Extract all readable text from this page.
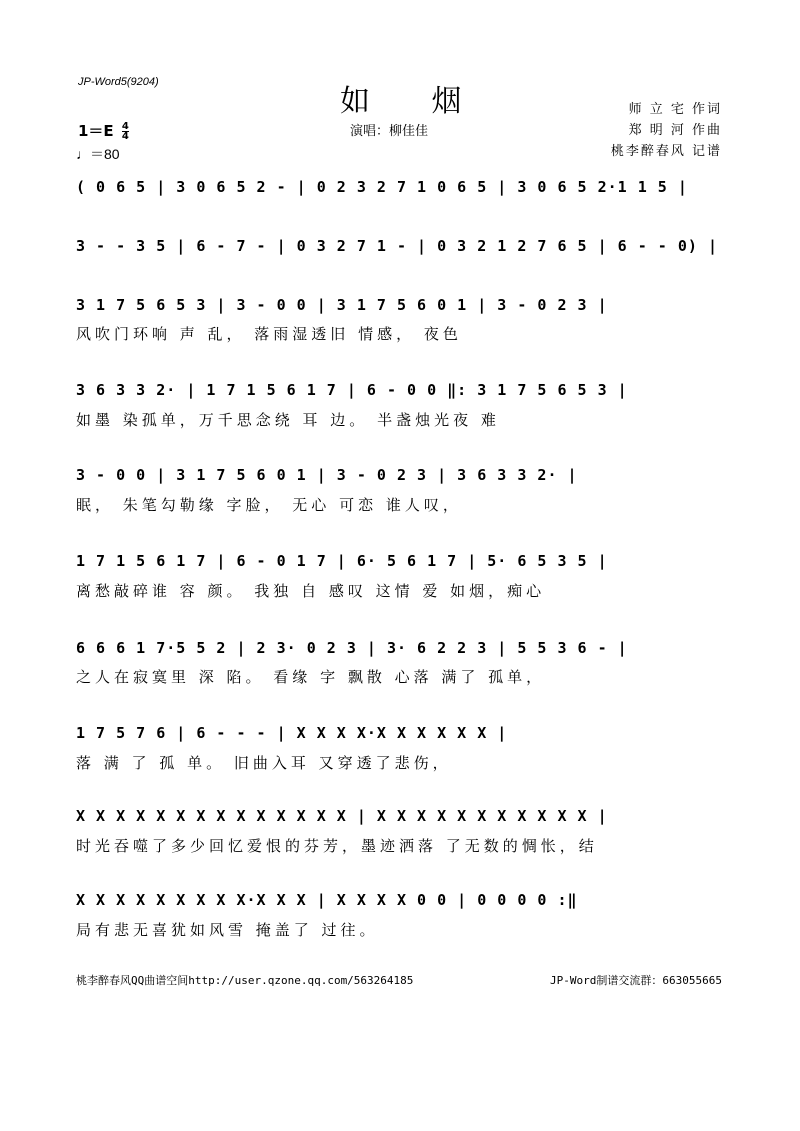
JP-Word5(9204)
如 烟
演唱：柳佳佳
师 立 宅 作词
郑 明 河 作曲
桃李醉春风 记谱
$1=E \frac{4}{4}$
♩＝80
( 0 6 5 | 3 0 6 5 2 - | 0 2 3 2 7 1 0 6 5 | 3 0 6 5 2·1 1 5 |
3 - - 3 5 | 6 - 7 - | 0 3 2 7 1 - | 0 3 2 1 2 7 6 5 | 6 - - 0) |
3 1 7 5 6 5 3 | 3 - 0 0 | 3 1 7 5 6 0 1 | 3 - 0 2 3 |
风吹门环响 声 乱， 落雨湿透旧 情感， 夜色
3 6 3 3 2· | 1 7 1 5 6 1 7 | 6 - 0 0 ‖: 3 1 7 5 6 5 3 |
如墨 染孤单，万千思念绕 耳 边。 半盏烛光夜 难
3 - 0 0 | 3 1 7 5 6 0 1 | 3 - 0 2 3 | 3 6 3 3 2· |
眠， 朱笔勾勒缘 字脸， 无心 可恋 谁人叹，
1 7 1 5 6 1 7 | 6 - 0 1 7 | 6· 5 6 1 7 | 5· 6 5 3 5 |
离愁敲碎谁 容 颜。 我独 自 感叹 这情 爱 如烟，痴心
6 6 6 1 7·5 5 2 | 2 3· 0 2 3 | 3· 6 2 2 3 | 5 5 3 6 - |
之人在寂寞里 深 陷。 看缘 字 飘散 心落 满了 孤单，
1 7 5 7 6 | 6 - - - | X X X X·X X X X X X |
落 满 了 孤 单。 旧曲入耳 又穿透了悲伤，
X X X X X X X X X X X X X X | X X X X X X X X X X X |
时光吞噬了多少回忆爱恨的芬芳，墨迹洒落 了无数的惆怅，结
X X X X X X X X X·X X X | X X X X 0 0 | 0 0 0 0 :‖
局有悲无喜犹如风雪 掩盖了 过往。
桃李醉春风QQ曲谱空间http://user.qzone.qq.com/563264185	JP-Word制谱交流群：663055665
